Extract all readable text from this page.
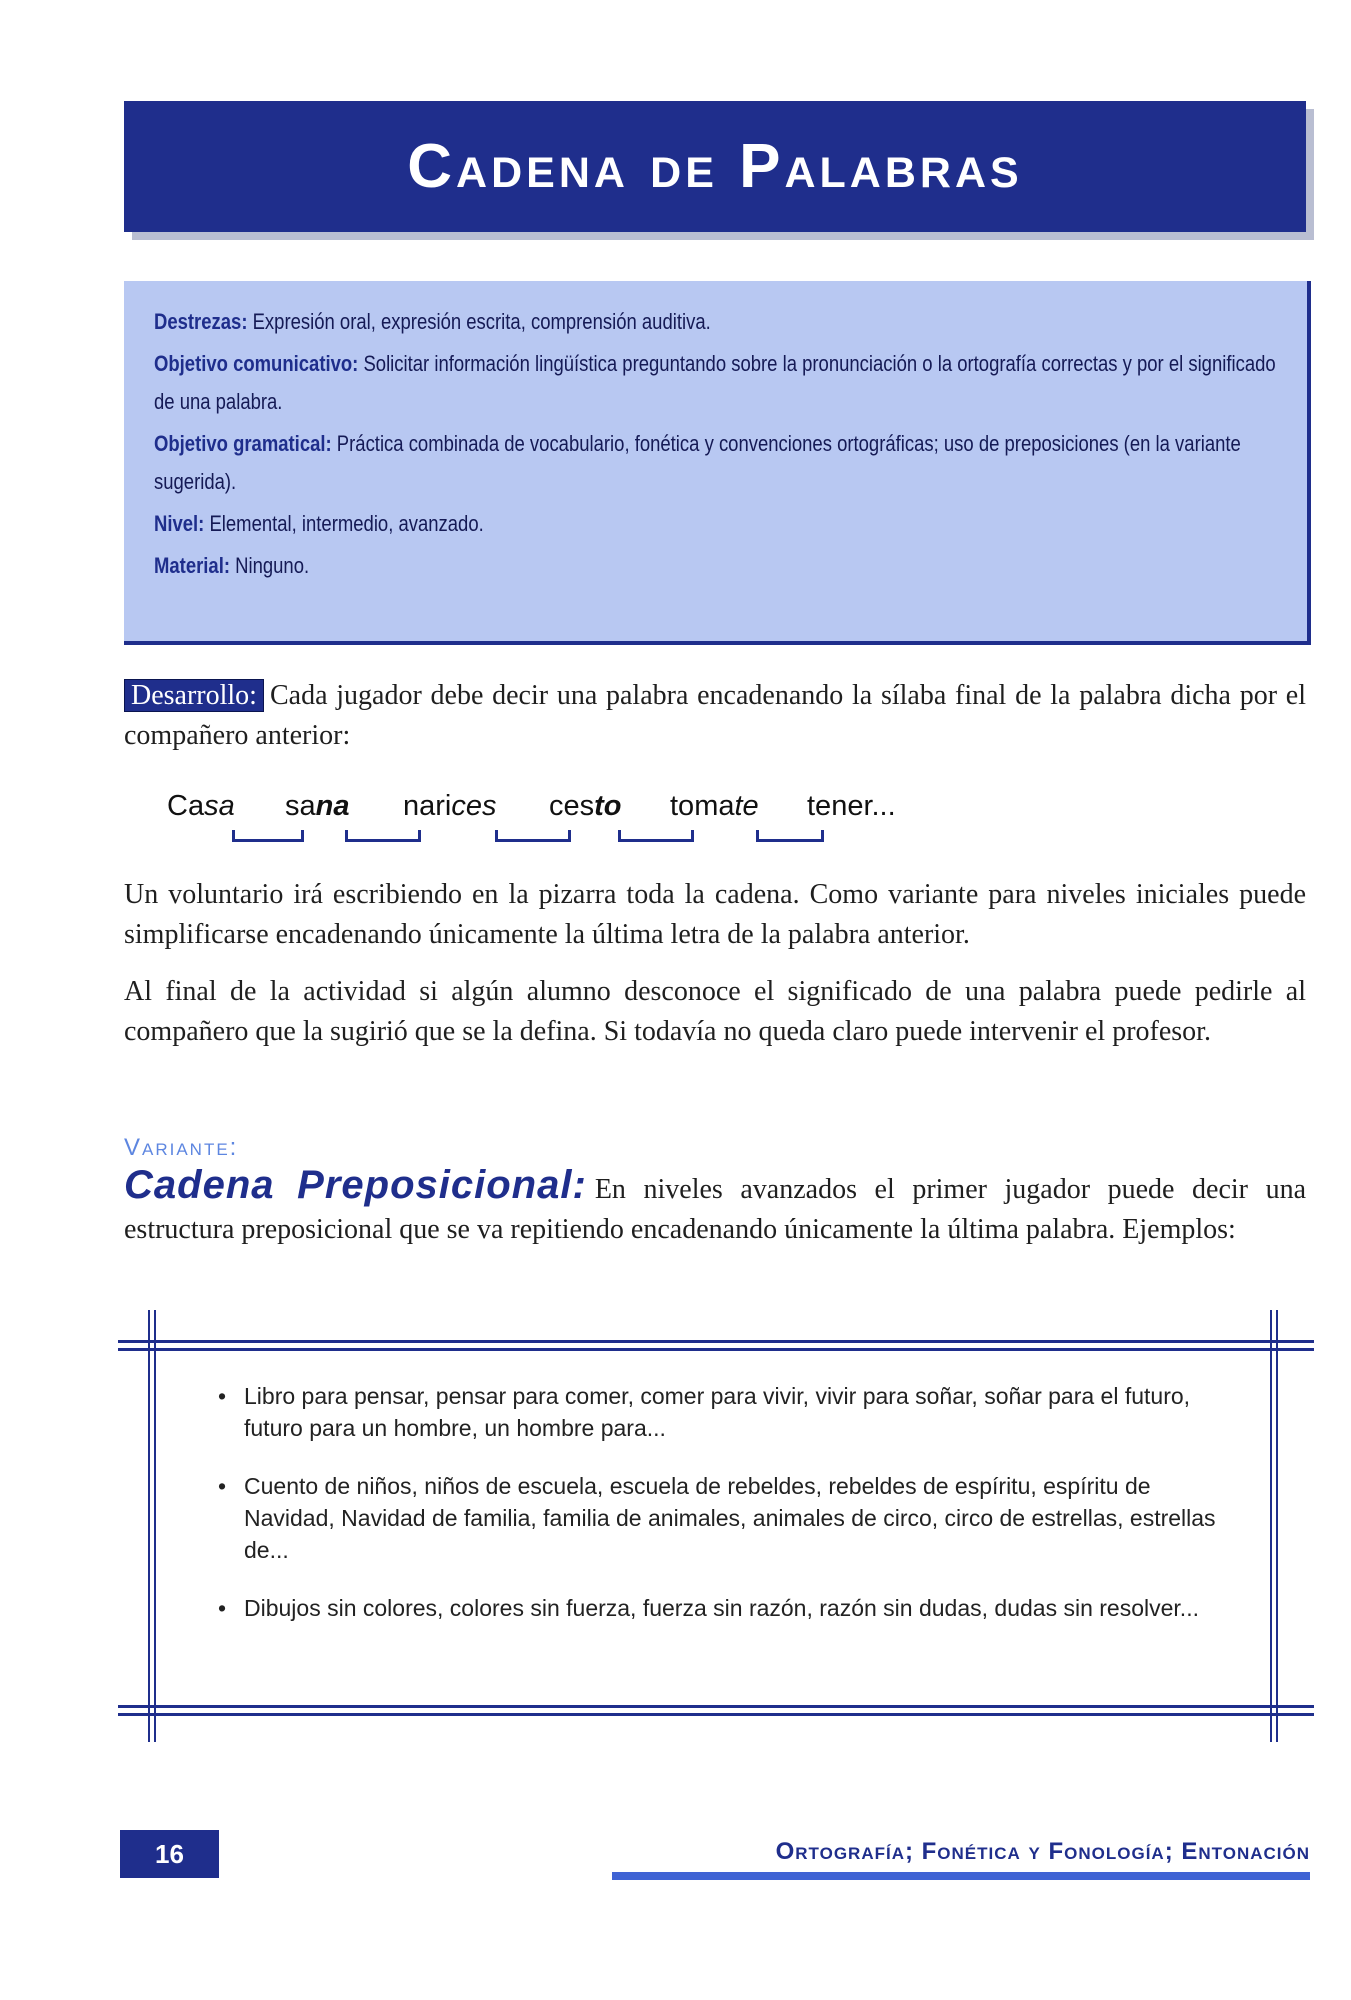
Cadena de Palabras

Destrezas: Expresión oral, expresión escrita, comprensión auditiva.

Objetivo comunicativo: Solicitar información lingüística preguntando sobre la pronunciación o la ortografía correctas y por el significado de una palabra.

Objetivo gramatical: Práctica combinada de vocabulario, fonética y convenciones ortográficas; uso de preposiciones (en la variante sugerida).

Nivel: Elemental, intermedio, avanzado.

Material: Ninguno.

Desarrollo: Cada jugador debe decir una palabra encadenando la sílaba final de la palabra dicha por el compañero anterior:
Casa sana narices cesto tomate tener...
Un voluntario irá escribiendo en la pizarra toda la cadena. Como variante para niveles iniciales puede simplificarse encadenando únicamente la última letra de la palabra anterior.
Al final de la actividad si algún alumno desconoce el significado de una palabra puede pedirle al compañero que la sugirió que se la defina. Si todavía no queda claro puede intervenir el profesor.
Variante:
Cadena Preposicional: En niveles avanzados el primer jugador puede decir una estructura preposicional que se va repitiendo encadenando únicamente la última palabra. Ejemplos:
• Libro para pensar, pensar para comer, comer para vivir, vivir para soñar, soñar para el futuro, futuro para un hombre, un hombre para...
• Cuento de niños, niños de escuela, escuela de rebeldes, rebeldes de espíritu, espíritu de Navidad, Navidad de familia, familia de animales, animales de circo, circo de estrellas, estrellas de...
• Dibujos sin colores, colores sin fuerza, fuerza sin razón, razón sin dudas, dudas sin resolver...
16	Ortografía; Fonética y Fonología; Entonación
